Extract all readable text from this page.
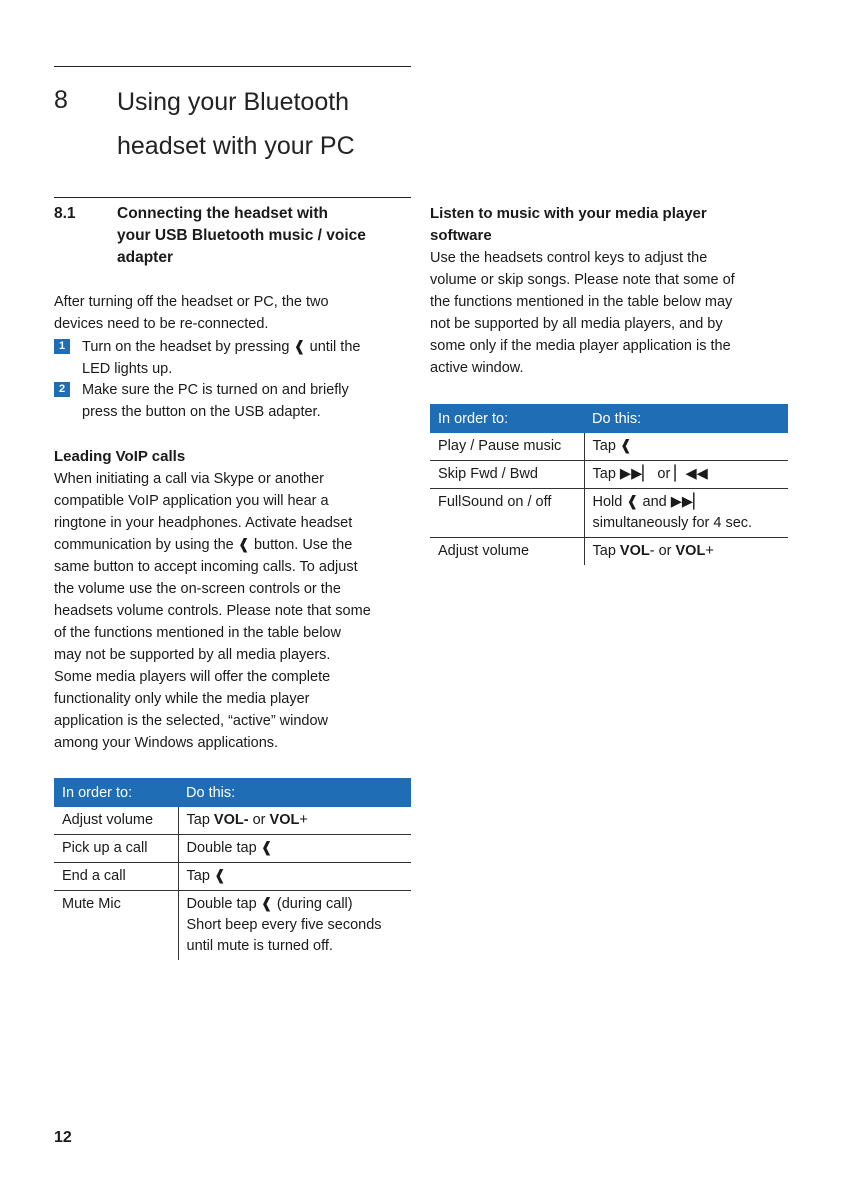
8 Using your Bluetooth
headset with your PC
8.1	Connecting the headset with
your USB Bluetooth music / voice
adapter

After turning off the headset or PC, the two

devices need to be re-connected.

1	Turn on the headset by pressing ❰ until the
LED lights up.
2	Make sure the PC is turned on and briefly
press the button on the USB adapter.

Leading VoIP calls

When initiating a call via Skype or another

compatible VoIP application you will hear a

ringtone in your headphones. Activate headset

communication by using the ❰ button. Use the

same button to accept incoming calls. To adjust

the volume use the on-screen controls or the

headsets volume controls. Please note that some

of the functions mentioned in the table below

may not be supported by all media players.

Some media players will offer the complete

functionality only while the media player

application is the selected, “active” window

among your Windows applications.

In order to:	Do this:
Adjust volume	Tap VOL- or VOL+
Pick up a call	Double tap ❰
End a call	Tap ❰
Mute Mic	Double tap ❰ (during call)
Short beep every five seconds
until mute is turned off.

Listen to music with your media player

software

Use the headsets control keys to adjust the

volume or skip songs. Please note that some of

the functions mentioned in the table below may

not be supported by all media players, and by

some only if the media player application is the

active window.

In order to:	Do this:
Play / Pause music	Tap ❰
Skip Fwd / Bwd	Tap ▶▶▏ or ▏◀◀
FullSound on / off	Hold ❰ and ▶▶▏
simultaneously for 4 sec.

Adjust volume	Tap VOL- or VOL+
12
